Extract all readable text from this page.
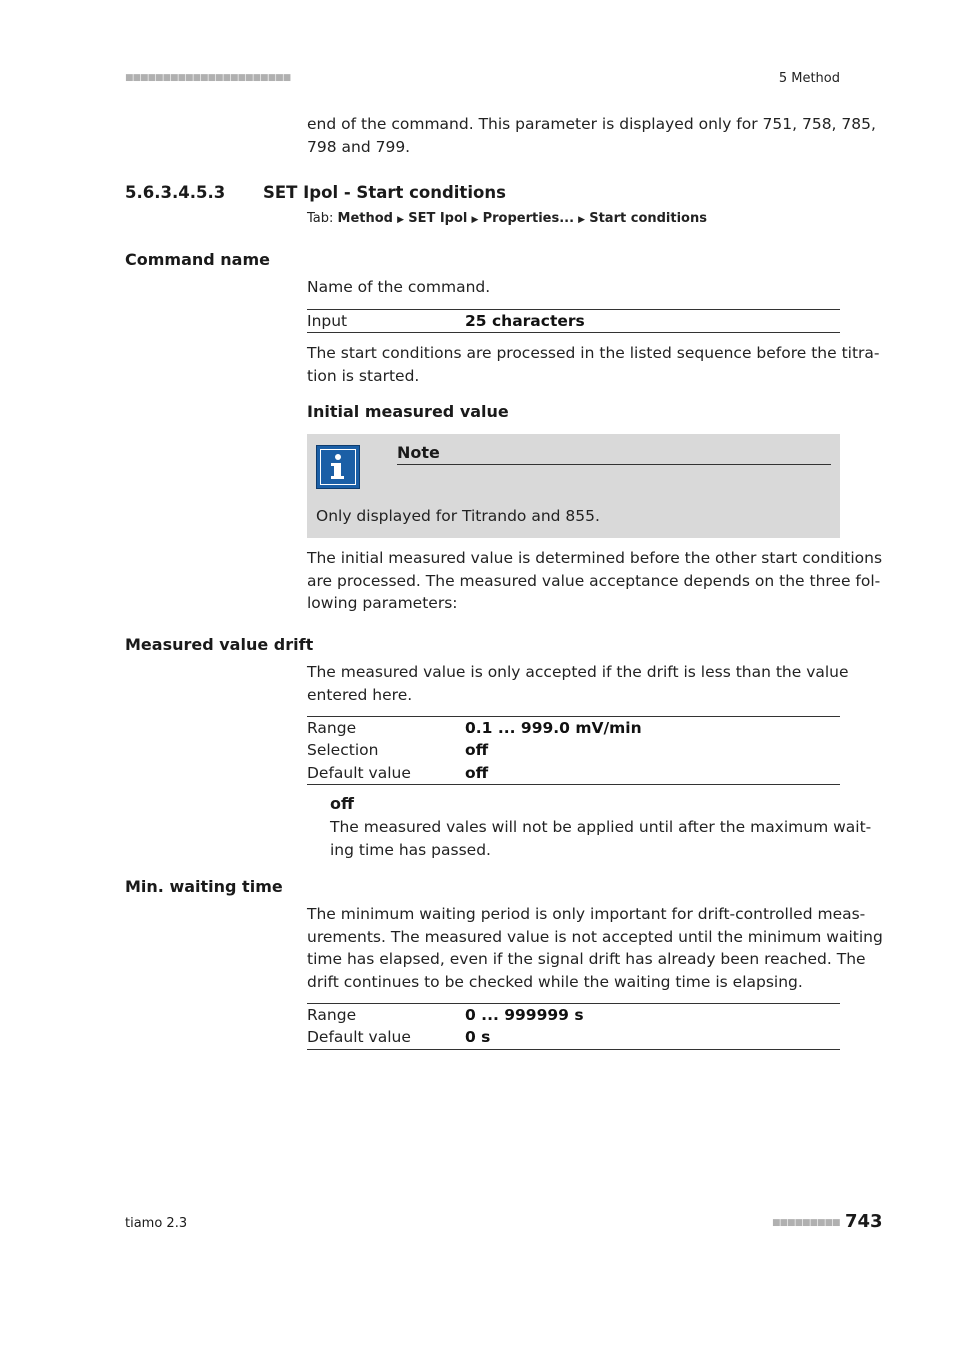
■■■■■■■■■■■■■■■■■■■■■■	5 Method
end of the command. This parameter is displayed only for 751, 758, 785,
798 and 799.
5.6.3.4.5.3 SET Ipol - Start conditions
Tab: Method ▶ SET Ipol ▶ Properties... ▶ Start conditions
Command name
Name of the command.
Input	25 characters
The start conditions are processed in the listed sequence before the titra-
tion is started.
Initial measured value
Note
Only displayed for Titrando and 855.
The initial measured value is determined before the other start conditions
are processed. The measured value acceptance depends on the three fol-
lowing parameters:
Measured value drift
The measured value is only accepted if the drift is less than the value
entered here.
Range	0.1 ... 999.0 mV/min
Selection	off
Default value	off
off
The measured vales will not be applied until after the maximum wait-
ing time has passed.
Min. waiting time
The minimum waiting period is only important for drift-controlled meas-
urements. The measured value is not accepted until the minimum waiting
time has elapsed, even if the signal drift has already been reached. The
drift continues to be checked while the waiting time is elapsing.
Range	0 ... 999999 s
Default value	0 s
tiamo 2.3	■■■■■■■■■ 743
